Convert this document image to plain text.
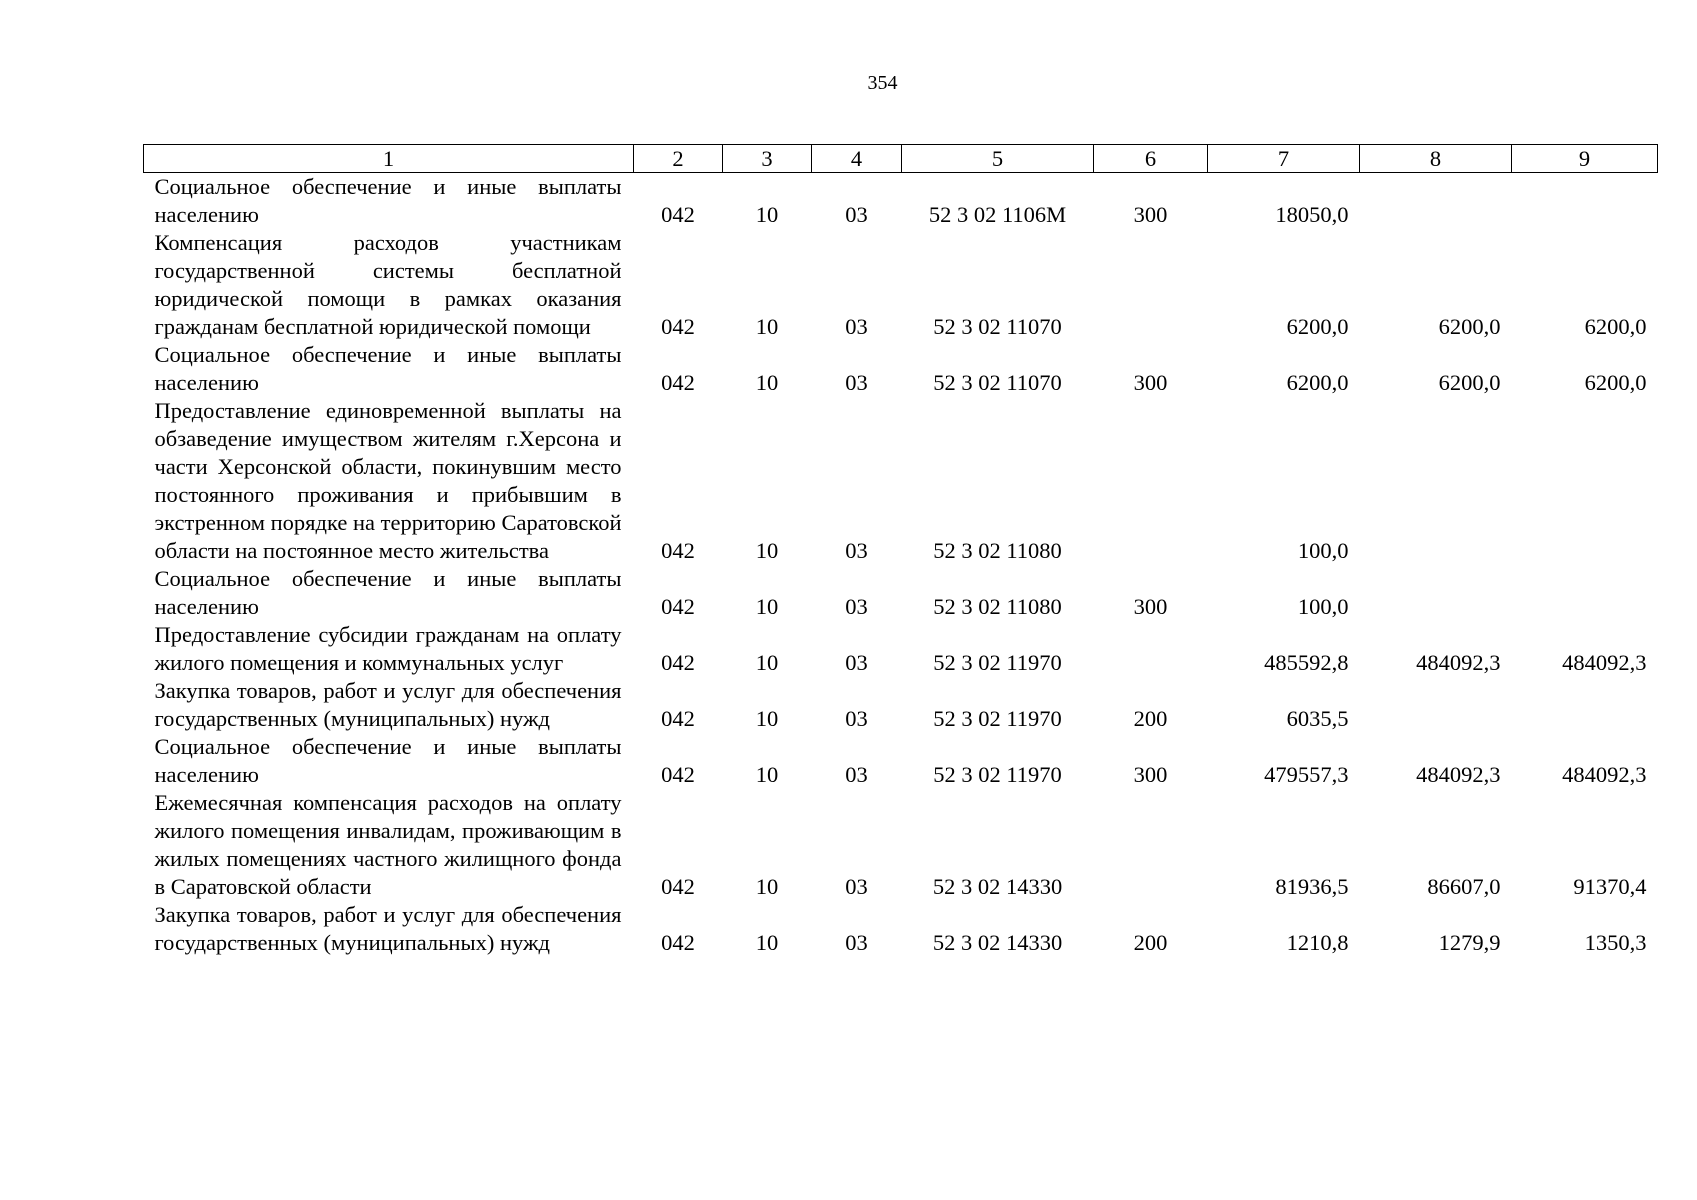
354
1	2	3	4	5	6	7	8	9
Социальное обеспечение и иные выплаты населению	042	10	03	52 3 02 1106М	300	18050,0		
Компенсация расходов участникам государственной системы бесплатной юридической помощи в рамках оказания гражданам бесплатной юридической помощи	042	10	03	52 3 02 11070		6200,0	6200,0	6200,0
Социальное обеспечение и иные выплаты населению	042	10	03	52 3 02 11070	300	6200,0	6200,0	6200,0
Предоставление единовременной выплаты на обзаведение имуществом жителям г.Херсона и части Херсонской области, покинувшим место постоянного проживания и прибывшим в экстренном порядке на территорию Саратовской области на постоянное место жительства	042	10	03	52 3 02 11080		100,0		
Социальное обеспечение и иные выплаты населению	042	10	03	52 3 02 11080	300	100,0		
Предоставление субсидии гражданам на оплату жилого помещения и коммунальных услуг	042	10	03	52 3 02 11970		485592,8	484092,3	484092,3
Закупка товаров, работ и услуг для обеспечения государственных (муниципальных) нужд	042	10	03	52 3 02 11970	200	6035,5		
Социальное обеспечение и иные выплаты населению	042	10	03	52 3 02 11970	300	479557,3	484092,3	484092,3
Ежемесячная компенсация расходов на оплату жилого помещения инвалидам, проживающим в жилых помещениях частного жилищного фонда в Саратовской области	042	10	03	52 3 02 14330		81936,5	86607,0	91370,4
Закупка товаров, работ и услуг для обеспечения государственных (муниципальных) нужд	042	10	03	52 3 02 14330	200	1210,8	1279,9	1350,3
